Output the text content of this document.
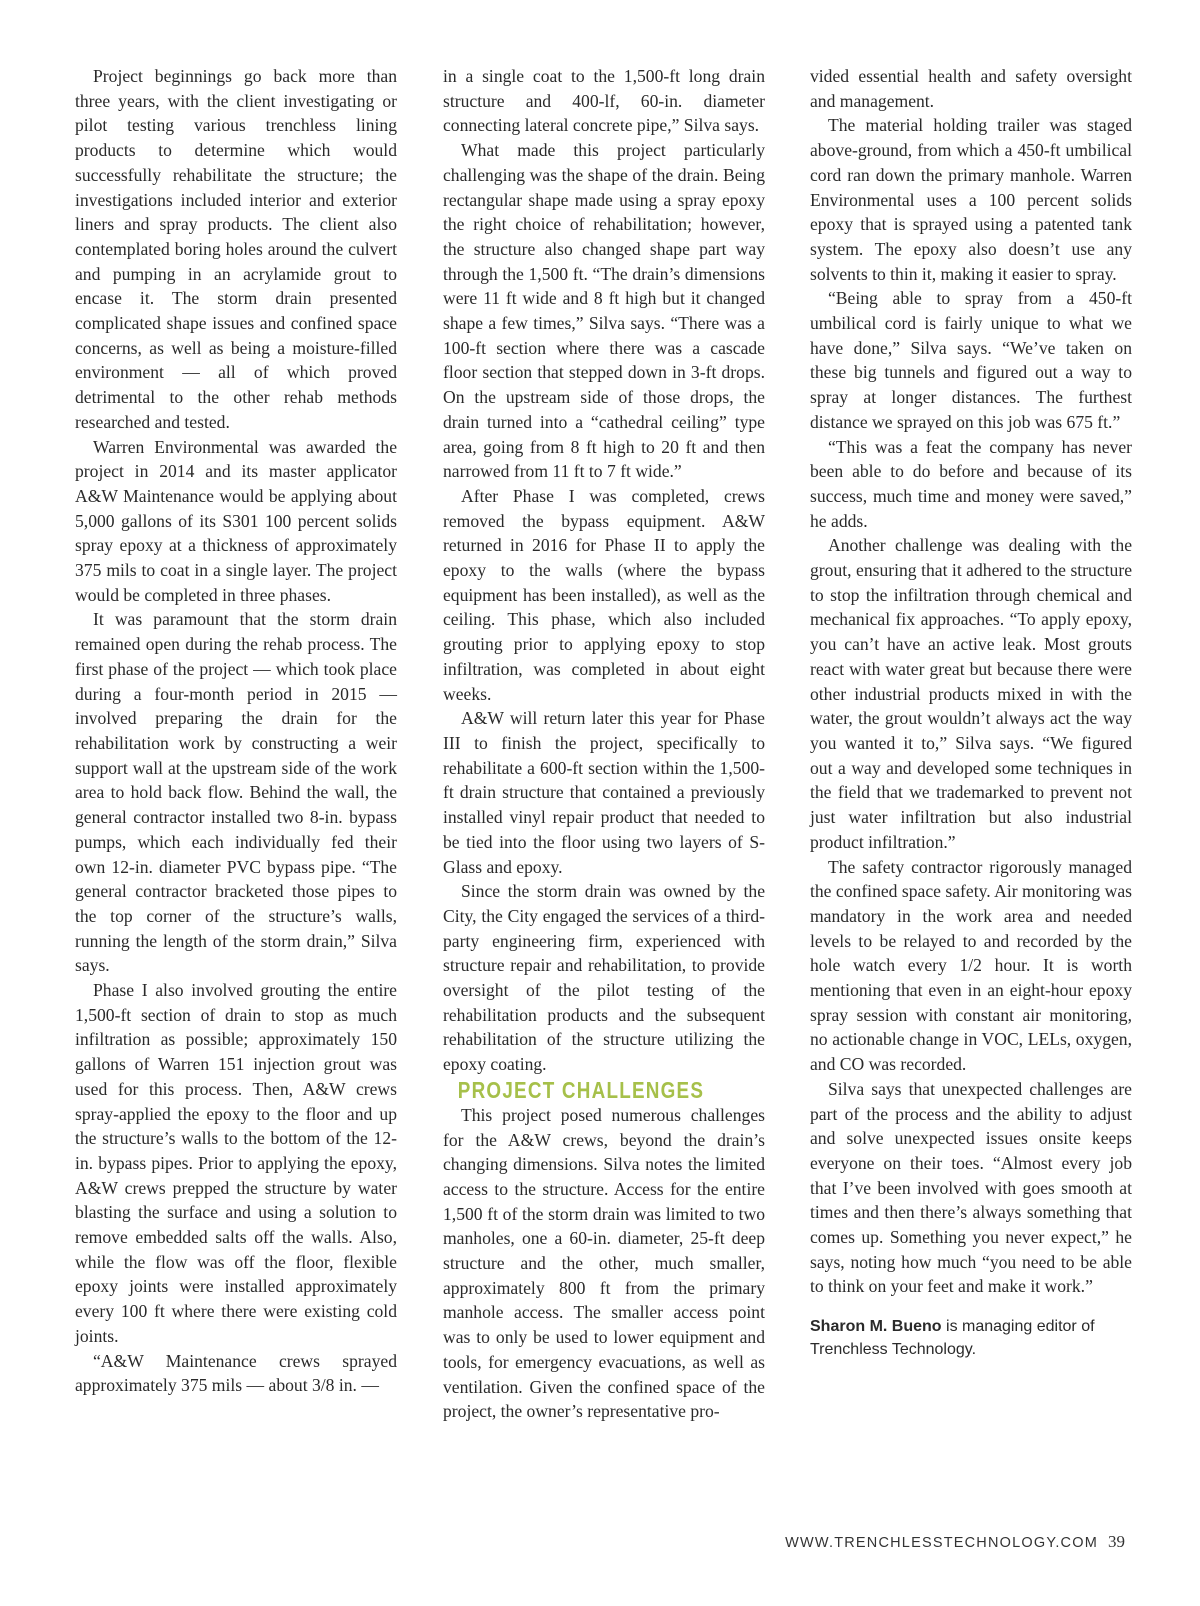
Project beginnings go back more than three years, with the client investigating or pilot testing various trenchless lining products to determine which would successfully rehabilitate the structure; the investigations included interior and exterior liners and spray products. The client also contemplated boring holes around the culvert and pumping in an acrylamide grout to encase it. The storm drain presented complicated shape issues and confined space concerns, as well as being a moisture-filled environment — all of which proved detrimental to the other rehab methods researched and tested.

Warren Environmental was awarded the project in 2014 and its master applicator A&W Maintenance would be applying about 5,000 gallons of its S301 100 percent solids spray epoxy at a thickness of approximately 375 mils to coat in a single layer. The project would be completed in three phases.

It was paramount that the storm drain remained open during the rehab process. The first phase of the project — which took place during a four-month period in 2015 — involved preparing the drain for the rehabilitation work by constructing a weir support wall at the upstream side of the work area to hold back flow. Behind the wall, the general contractor installed two 8-in. bypass pumps, which each individually fed their own 12-in. diameter PVC bypass pipe. “The general contractor bracketed those pipes to the top corner of the structure’s walls, running the length of the storm drain,” Silva says.

Phase I also involved grouting the entire 1,500-ft section of drain to stop as much infiltration as possible; approximately 150 gallons of Warren 151 injection grout was used for this process. Then, A&W crews spray-applied the epoxy to the floor and up the structure’s walls to the bottom of the 12-in. bypass pipes. Prior to applying the epoxy, A&W crews prepped the structure by water blasting the surface and using a solution to remove embedded salts off the walls. Also, while the flow was off the floor, flexible epoxy joints were installed approximately every 100 ft where there were existing cold joints.

“A&W Maintenance crews sprayed approximately 375 mils — about 3/8 in. —

in a single coat to the 1,500-ft long drain structure and 400-lf, 60-in. diameter connecting lateral concrete pipe,” Silva says.

What made this project particularly challenging was the shape of the drain. Being rectangular shape made using a spray epoxy the right choice of rehabilitation; however, the structure also changed shape part way through the 1,500 ft. “The drain’s dimensions were 11 ft wide and 8 ft high but it changed shape a few times,” Silva says. “There was a 100-ft section where there was a cascade floor section that stepped down in 3-ft drops. On the upstream side of those drops, the drain turned into a “cathedral ceiling” type area, going from 8 ft high to 20 ft and then narrowed from 11 ft to 7 ft wide.”

After Phase I was completed, crews removed the bypass equipment. A&W returned in 2016 for Phase II to apply the epoxy to the walls (where the bypass equipment has been installed), as well as the ceiling. This phase, which also included grouting prior to applying epoxy to stop infiltration, was completed in about eight weeks.

A&W will return later this year for Phase III to finish the project, specifically to rehabilitate a 600-ft section within the 1,500-ft drain structure that contained a previously installed vinyl repair product that needed to be tied into the floor using two layers of S-Glass and epoxy.

Since the storm drain was owned by the City, the City engaged the services of a third-party engineering firm, experienced with structure repair and rehabilitation, to provide oversight of the pilot testing of the rehabilitation products and the subsequent rehabilitation of the structure utilizing the epoxy coating.

PROJECT CHALLENGES

This project posed numerous challenges for the A&W crews, beyond the drain’s changing dimensions. Silva notes the limited access to the structure. Access for the entire 1,500 ft of the storm drain was limited to two manholes, one a 60-in. diameter, 25-ft deep structure and the other, much smaller, approximately 800 ft from the primary manhole access. The smaller access point was to only be used to lower equipment and tools, for emergency evacuations, as well as ventilation. Given the confined space of the project, the owner’s representative pro-

vided essential health and safety oversight and management.

The material holding trailer was staged above-ground, from which a 450-ft umbilical cord ran down the primary manhole. Warren Environmental uses a 100 percent solids epoxy that is sprayed using a patented tank system. The epoxy also doesn’t use any solvents to thin it, making it easier to spray.

“Being able to spray from a 450-ft umbilical cord is fairly unique to what we have done,” Silva says. “We’ve taken on these big tunnels and figured out a way to spray at longer distances. The furthest distance we sprayed on this job was 675 ft.”

“This was a feat the company has never been able to do before and because of its success, much time and money were saved,” he adds.

Another challenge was dealing with the grout, ensuring that it adhered to the structure to stop the infiltration through chemical and mechanical fix approaches. “To apply epoxy, you can’t have an active leak. Most grouts react with water great but because there were other industrial products mixed in with the water, the grout wouldn’t always act the way you wanted it to,” Silva says. “We figured out a way and developed some techniques in the field that we trademarked to prevent not just water infiltration but also industrial product infiltration.”

The safety contractor rigorously managed the confined space safety. Air monitoring was mandatory in the work area and needed levels to be relayed to and recorded by the hole watch every 1/2 hour. It is worth mentioning that even in an eight-hour epoxy spray session with constant air monitoring, no actionable change in VOC, LELs, oxygen, and CO was recorded.

Silva says that unexpected challenges are part of the process and the ability to adjust and solve unexpected issues onsite keeps everyone on their toes. “Almost every job that I’ve been involved with goes smooth at times and then there’s always something that comes up. Something you never expect,” he says, noting how much “you need to be able to think on your feet and make it work.”

Sharon M. Bueno is managing editor of Trenchless Technology.

WWW.TRENCHLESSTECHNOLOGY.COM 39
